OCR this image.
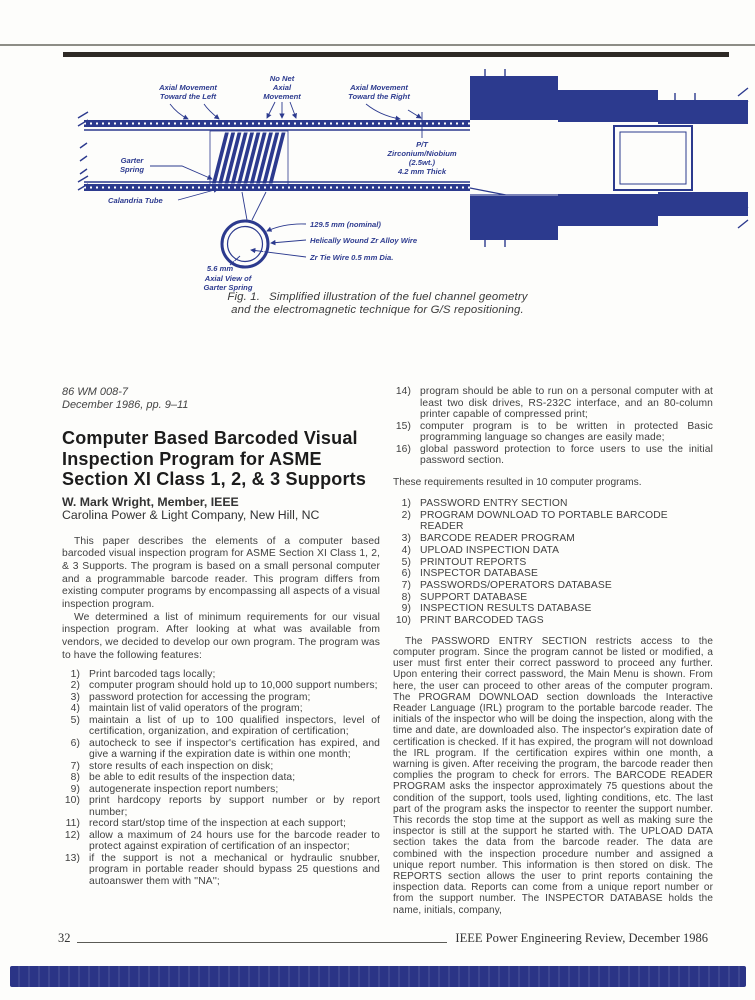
Axial Movement
Toward the Left
No Net
Axial
Movement
Axial Movement
Toward the Right
P/T
Zirconium/Niobium
(2.5wt.)
4.2 mm Thick
Garter
Spring
Calandria Tube
129.5 mm (nominal)
Helically Wound Zr Alloy Wire
Zr Tie Wire 0.5 mm Dia.
5.6 mm
Axial View of
Garter Spring
Fig. 1. Simplified illustration of the fuel channel geometry
and the electromagnetic technique for G/S repositioning.
86 WM 008-7
December 1986, pp. 9–11
Computer Based Barcoded Visual
Inspection Program for ASME
Section XI Class 1, 2, & 3 Supports
W. Mark Wright, Member, IEEE
Carolina Power & Light Company, New Hill, NC

This paper describes the elements of a computer based barcoded visual inspection program for ASME Section XI Class 1, 2, & 3 Supports. The program is based on a small personal computer and a programmable barcode reader. This program differs from existing computer programs by encompassing all aspects of a visual inspection program.

We determined a list of minimum requirements for our visual inspection program. After looking at what was available from vendors, we decided to develop our own program. The program was to have the following features:

Print barcoded tags locally;
computer program should hold up to 10,000 support numbers;
password protection for accessing the program;
maintain list of valid operators of the program;
maintain a list of up to 100 qualified inspectors, level of certification, organization, and expiration of certification;
autocheck to see if inspector's certification has expired, and give a warning if the expiration date is within one month;
store results of each inspection on disk;
be able to edit results of the inspection data;
autogenerate inspection report numbers;
print hardcopy reports by support number or by report number;
record start/stop time of the inspection at each support;
allow a maximum of 24 hours use for the barcode reader to protect against expiration of certification of an inspector;
if the support is not a mechanical or hydraulic snubber, program in portable reader should bypass 25 questions and autoanswer them with ''NA'';
program should be able to run on a personal computer with at least two disk drives, RS-232C interface, and an 80-column printer capable of compressed print;
computer program is to be written in protected Basic programming language so changes are easily made;
global password protection to force users to use the initial password section.

These requirements resulted in 10 computer programs.

PASSWORD ENTRY SECTION
PROGRAM DOWNLOAD TO PORTABLE BARCODE READER
BARCODE READER PROGRAM
UPLOAD INSPECTION DATA
PRINTOUT REPORTS
INSPECTOR DATABASE
PASSWORDS/OPERATORS DATABASE
SUPPORT DATABASE
INSPECTION RESULTS DATABASE
PRINT BARCODED TAGS

The PASSWORD ENTRY SECTION restricts access to the computer program. Since the program cannot be listed or modified, a user must first enter their correct password to proceed any further. Upon entering their correct password, the Main Menu is shown. From here, the user can proceed to other areas of the computer program. The PROGRAM DOWNLOAD section downloads the Interactive Reader Language (IRL) program to the portable barcode reader. The initials of the inspector who will be doing the inspection, along with the time and date, are downloaded also. The inspector's expiration date of certification is checked. If it has expired, the program will not download the IRL program. If the certification expires within one month, a warning is given. After receiving the program, the barcode reader then complies the program to check for errors. The BARCODE READER PROGRAM asks the inspector approximately 75 questions about the condition of the support, tools used, lighting conditions, etc. The last part of the program asks the inspector to reenter the support number. This records the stop time at the support as well as making sure the inspector is still at the support he started with. The UPLOAD DATA section takes the data from the barcode reader. The data are combined with the inspection procedure number and assigned a unique report number. This information is then stored on disk. The REPORTS section allows the user to print reports containing the inspection data. Reports can come from a unique report number or from the support number. The INSPECTOR DATABASE holds the name, initials, company,

32	IEEE Power Engineering Review, December 1986
